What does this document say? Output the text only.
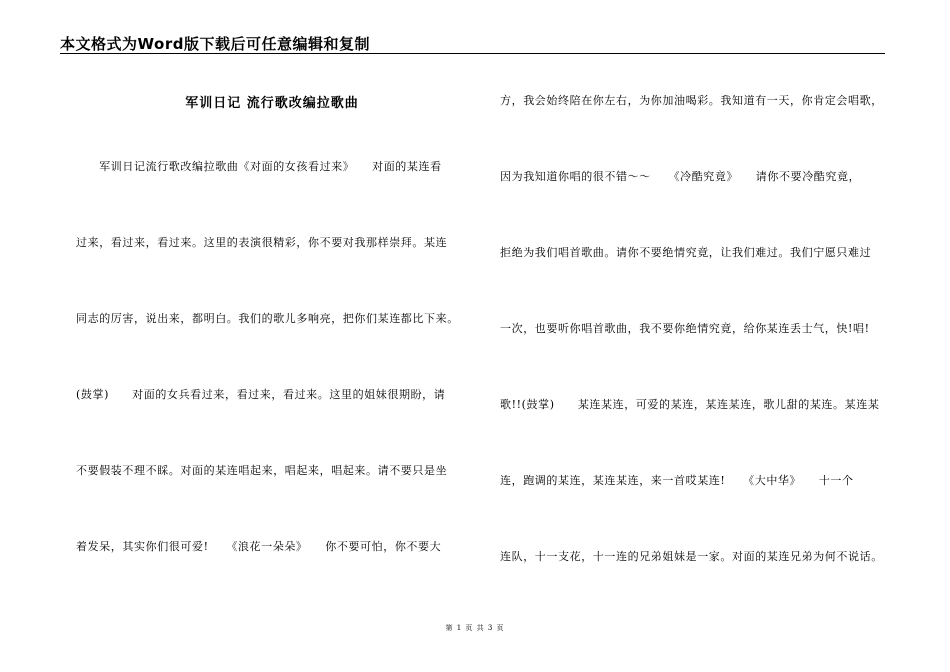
本文格式为Word版下载后可任意编辑和复制
军训日记 流行歌改编拉歌曲
　　军训日记流行歌改编拉歌曲《对面的女孩看过来》　　对面的某连看
过来，看过来，看过来。这里的表演很精彩，你不要对我那样崇拜。某连
同志的厉害，说出来，都明白。我们的歌儿多响亮，把你们某连都比下来。
(鼓掌)　　对面的女兵看过来，看过来，看过来。这里的姐妹很期盼，请
不要假装不理不睬。对面的某连唱起来，唱起来，唱起来。请不要只是坐
着发呆，其实你们很可爱!　　《浪花一朵朵》　　你不要可怕，你不要大
方，我会始终陪在你左右，为你加油喝彩。我知道有一天，你肯定会唱歌，
因为我知道你唱的很不错～～　　《冷酷究竟》　　请你不要冷酷究竟，
拒绝为我们唱首歌曲。请你不要绝情究竟，让我们难过。我们宁愿只难过
一次，也要听你唱首歌曲，我不要你绝情究竟，给你某连丢士气，快!唱!
歌!!(鼓掌)　　某连某连，可爱的某连，某连某连，歌儿甜的某连。某连某
连，跑调的某连，某连某连，来一首哎某连!　　《大中华》　　十一个
连队，十一支花，十一连的兄弟姐妹是一家。对面的某连兄弟为何不说话。
第 1 页 共 3 页
